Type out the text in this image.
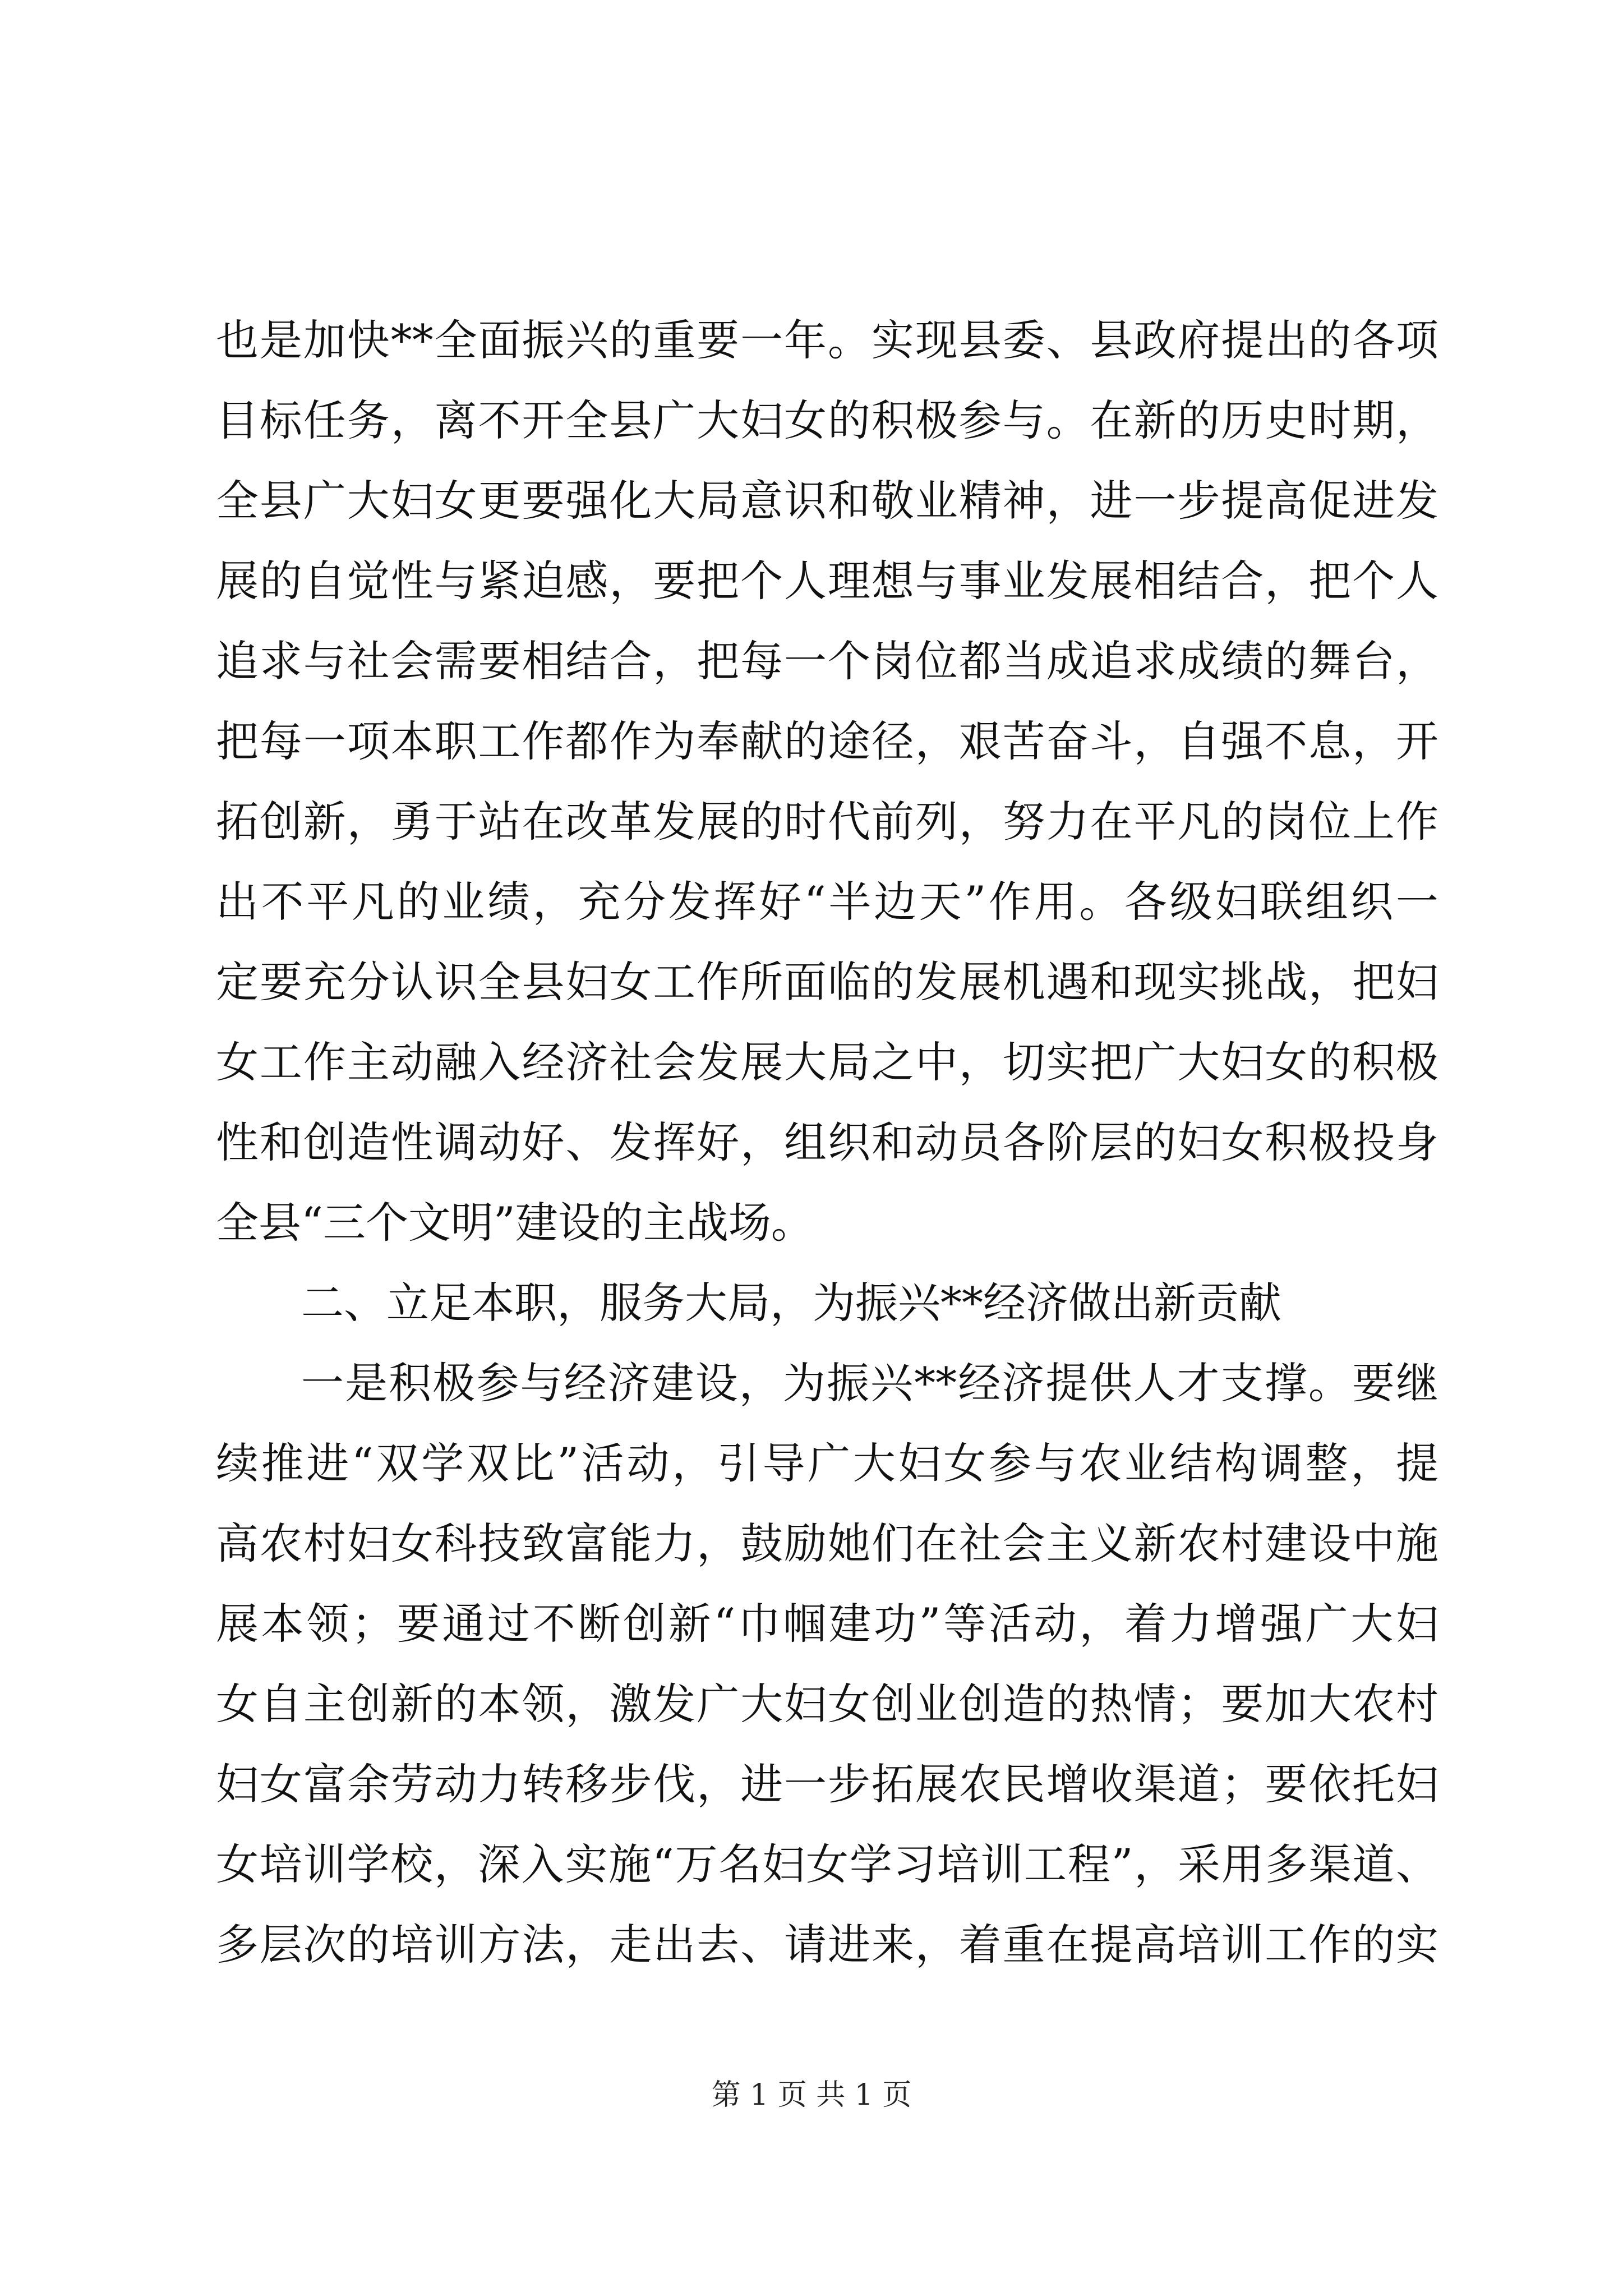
也是加快**全面振兴的重要一年。实现县委、县政府提出的各项
目标任务，离不开全县广大妇女的积极参与。在新的历史时期，
全县广大妇女更要强化大局意识和敬业精神，进一步提高促进发
展的自觉性与紧迫感，要把个人理想与事业发展相结合，把个人
追求与社会需要相结合，把每一个岗位都当成追求成绩的舞台，
把每一项本职工作都作为奉献的途径，艰苦奋斗，自强不息，开
拓创新，勇于站在改革发展的时代前列，努力在平凡的岗位上作
出不平凡的业绩，充分发挥好“半边天”作用。各级妇联组织一
定要充分认识全县妇女工作所面临的发展机遇和现实挑战，把妇
女工作主动融入经济社会发展大局之中，切实把广大妇女的积极
性和创造性调动好、发挥好，组织和动员各阶层的妇女积极投身
全县“三个文明”建设的主战场。
二、立足本职，服务大局，为振兴**经济做出新贡献
一是积极参与经济建设，为振兴**经济提供人才支撑。要继
续推进“双学双比”活动，引导广大妇女参与农业结构调整，提
高农村妇女科技致富能力，鼓励她们在社会主义新农村建设中施
展本领；要通过不断创新“巾帼建功”等活动，着力增强广大妇
女自主创新的本领，激发广大妇女创业创造的热情；要加大农村
妇女富余劳动力转移步伐，进一步拓展农民增收渠道；要依托妇
女培训学校，深入实施“万名妇女学习培训工程”，采用多渠道、
多层次的培训方法，走出去、请进来，着重在提高培训工作的实
第 1 页 共 1 页
